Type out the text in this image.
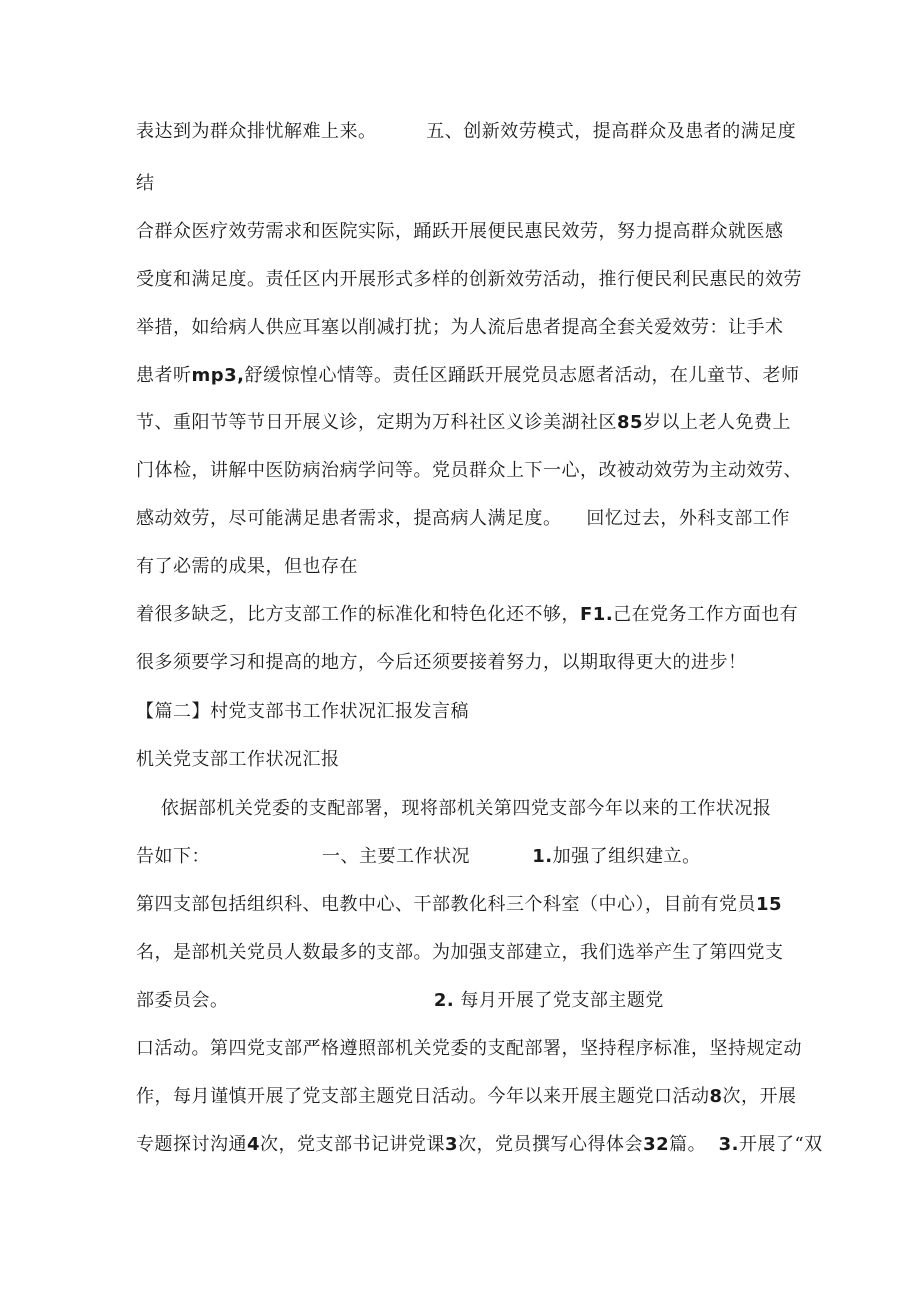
表达到为群众排忧解难上来。        五、创新效劳模式，提高群众及患者的满足度
结
合群众医疗效劳需求和医院实际，踊跃开展便民惠民效劳，努力提高群众就医感
受度和满足度。责任区内开展形式多样的创新效劳活动，推行便民利民惠民的效劳
举措，如给病人供应耳塞以削减打扰；为人流后患者提高全套关爱效劳：让手术
患者听mp3,舒缓惊惶心情等。责任区踊跃开展党员志愿者活动，在儿童节、老师
节、重阳节等节日开展义诊，定期为万科社区义诊美湖社区85岁以上老人免费上
门体检，讲解中医防病治病学问等。党员群众上下一心，改被动效劳为主动效劳、
感动效劳，尽可能满足患者需求，提高病人满足度。    回忆过去，外科支部工作
有了必需的成果，但也存在
着很多缺乏，比方支部工作的标准化和特色化还不够，F1.己在党务工作方面也有
很多须要学习和提高的地方，今后还须要接着努力，以期取得更大的进步！
【篇二】村党支部书工作状况汇报发言稿
机关党支部工作状况汇报
依据部机关党委的支配部署，现将部机关第四党支部今年以来的工作状况报
告如下：                  一、主要工作状况          1.加强了组织建立。
第四支部包括组织科、电教中心、干部教化科三个科室（中心），目前有党员15
名，是部机关党员人数最多的支部。为加强支部建立，我们选举产生了第四党支
部委员会。                                 2. 每月开展了党支部主题党
口活动。第四党支部严格遵照部机关党委的支配部署，坚持程序标准，坚持规定动
作，每月谨慎开展了党支部主题党日活动。今年以来开展主题党口活动8次，开展
专题探讨沟通4次，党支部书记讲党课3次，党员撰写心得体会32篇。  3.开展了“双
